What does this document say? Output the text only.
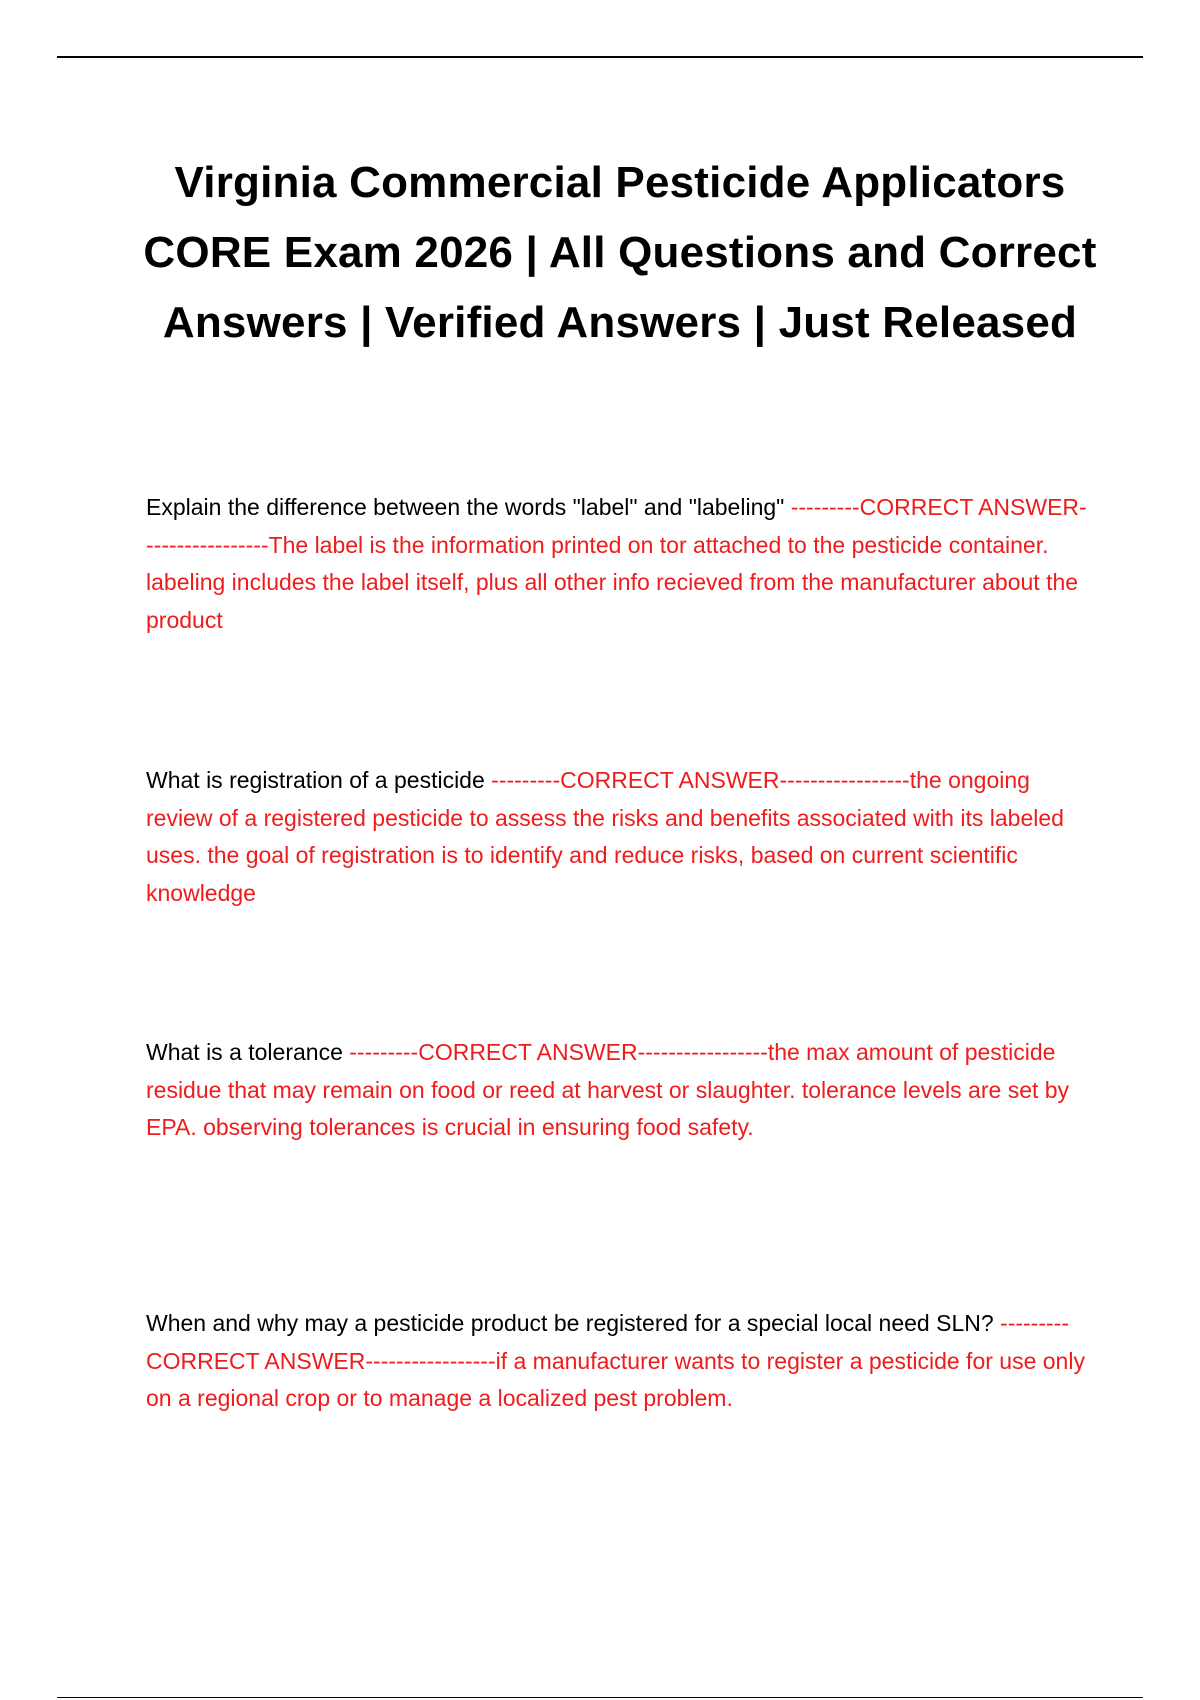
Virginia Commercial Pesticide Applicators CORE Exam 2026 | All Questions and Correct Answers | Verified Answers | Just Released

Explain the difference between the words "label" and "labeling" ---------CORRECT ANSWER-----------------The label is the information printed on tor attached to the pesticide container. labeling includes the label itself, plus all other info recieved from the manufacturer about the product

What is registration of a pesticide ---------CORRECT ANSWER-----------------the ongoing review of a registered pesticide to assess the risks and benefits associated with its labeled uses. the goal of registration is to identify and reduce risks, based on current scientific knowledge

What is a tolerance ---------CORRECT ANSWER-----------------the max amount of pesticide residue that may remain on food or reed at harvest or slaughter. tolerance levels are set by EPA. observing tolerances is crucial in ensuring food safety.

When and why may a pesticide product be registered for a special local need SLN? ---------CORRECT ANSWER-----------------if a manufacturer wants to register a pesticide for use only on a regional crop or to manage a localized pest problem.
